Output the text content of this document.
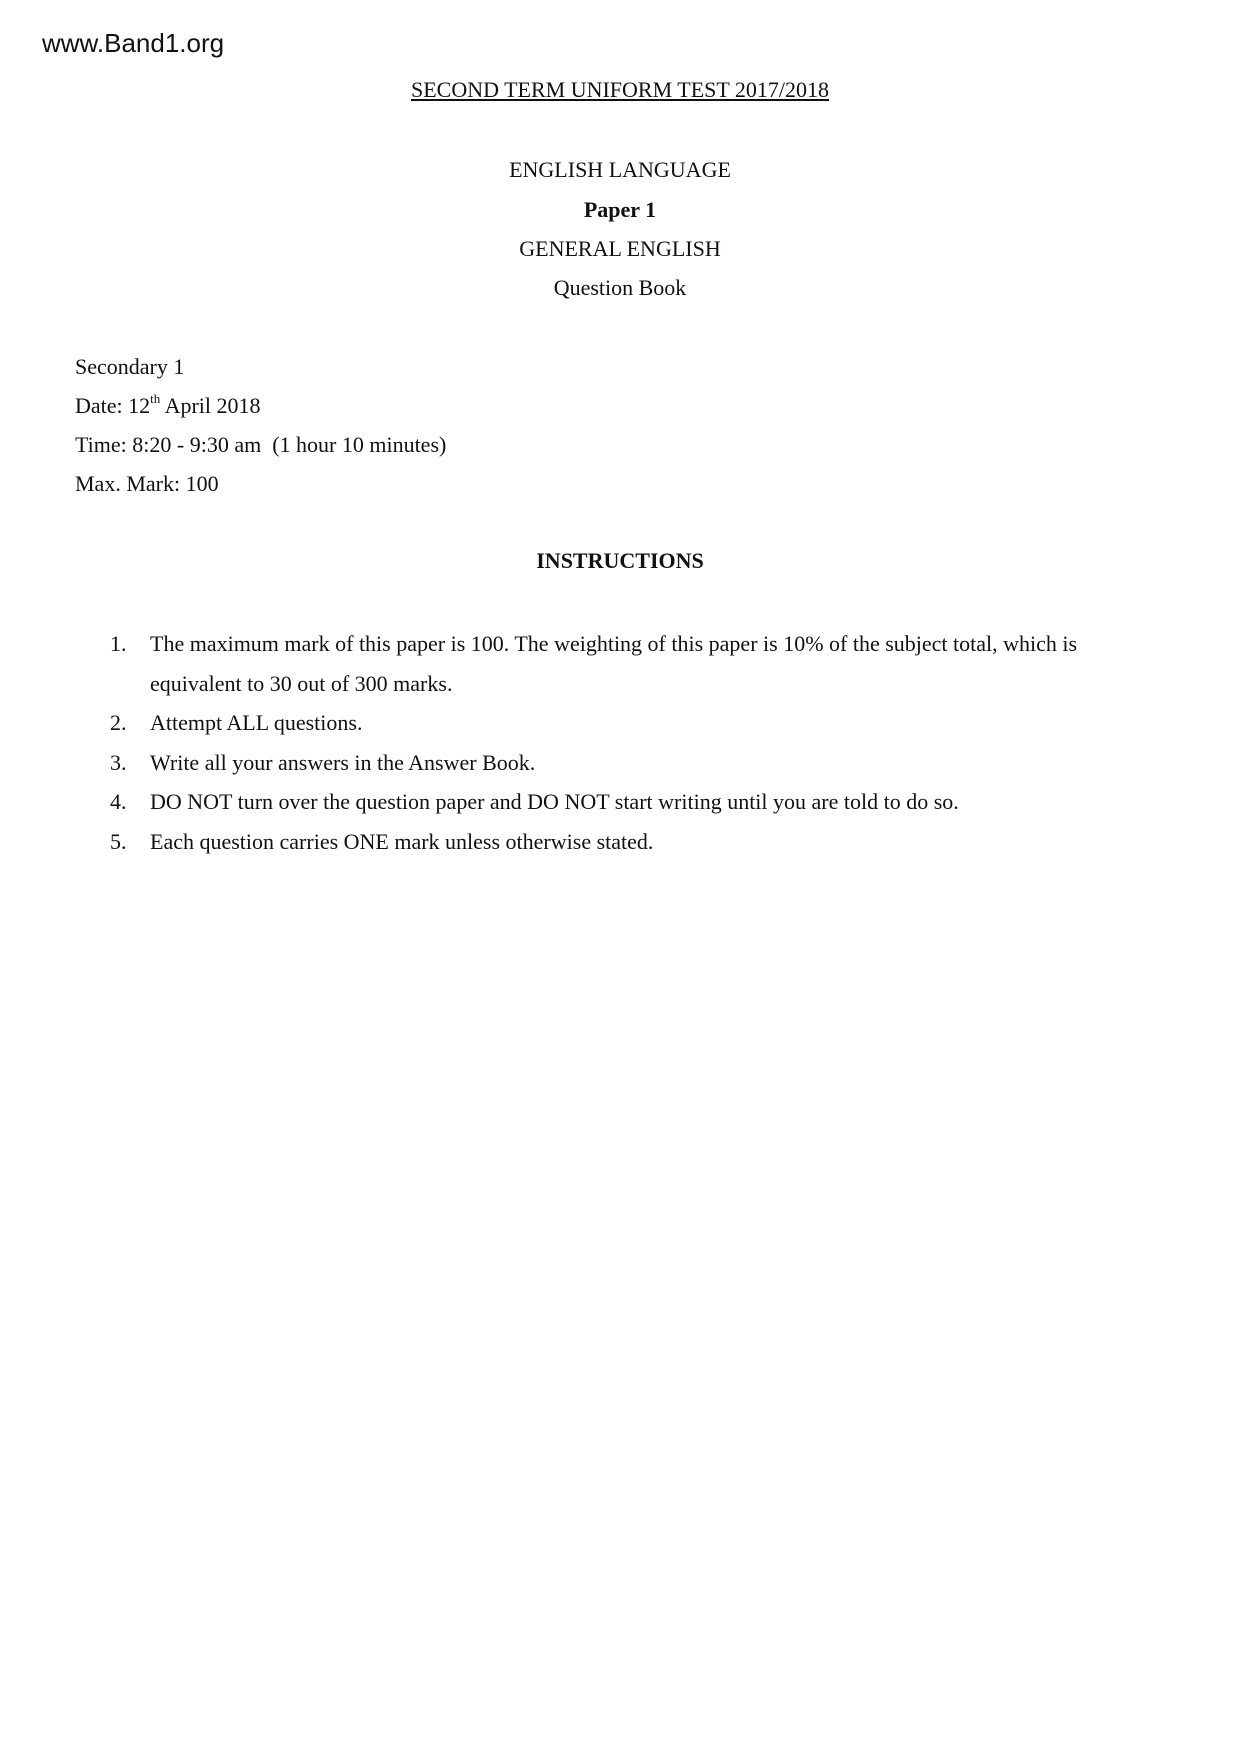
www.Band1.org
SECOND TERM UNIFORM TEST 2017/2018
ENGLISH LANGUAGE
Paper 1
GENERAL ENGLISH
Question Book
Secondary 1
Date: 12th April 2018
Time: 8:20 - 9:30 am  (1 hour 10 minutes)
Max. Mark: 100
INSTRUCTIONS
1.	The maximum mark of this paper is 100. The weighting of this paper is 10% of the subject total, which is equivalent to 30 out of 300 marks.
2.	Attempt ALL questions.
3.	Write all your answers in the Answer Book.
4.	DO NOT turn over the question paper and DO NOT start writing until you are told to do so.
5.	Each question carries ONE mark unless otherwise stated.
